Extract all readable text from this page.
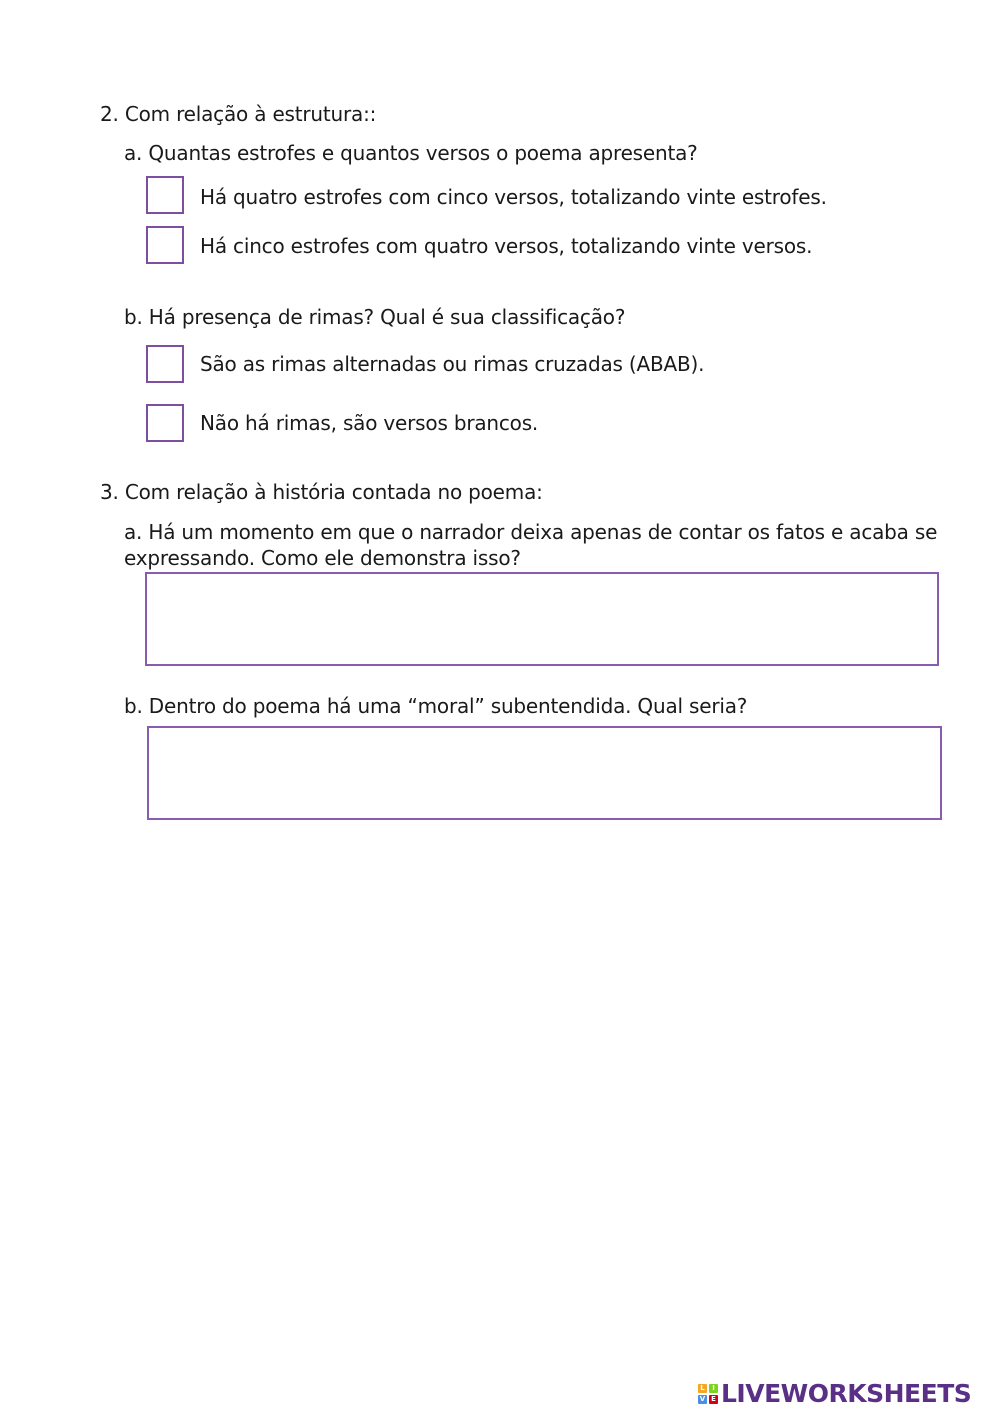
2. Com relação à estrutura::
a. Quantas estrofes e quantos versos o poema apresenta?
Há quatro estrofes com cinco versos, totalizando vinte estrofes.
Há cinco estrofes com quatro versos, totalizando vinte versos.
b. Há presença de rimas? Qual é sua classificação?
São as rimas alternadas ou rimas cruzadas (ABAB).
Não há rimas, são versos brancos.
3. Com relação à história contada no poema:
a. Há um momento em que o narrador deixa apenas de contar os fatos e acaba se expressando. Como ele demonstra isso?
b. Dentro do poema há uma “moral” subentendida. Qual seria?
L	I
V E LIVEWORKSHEETS
